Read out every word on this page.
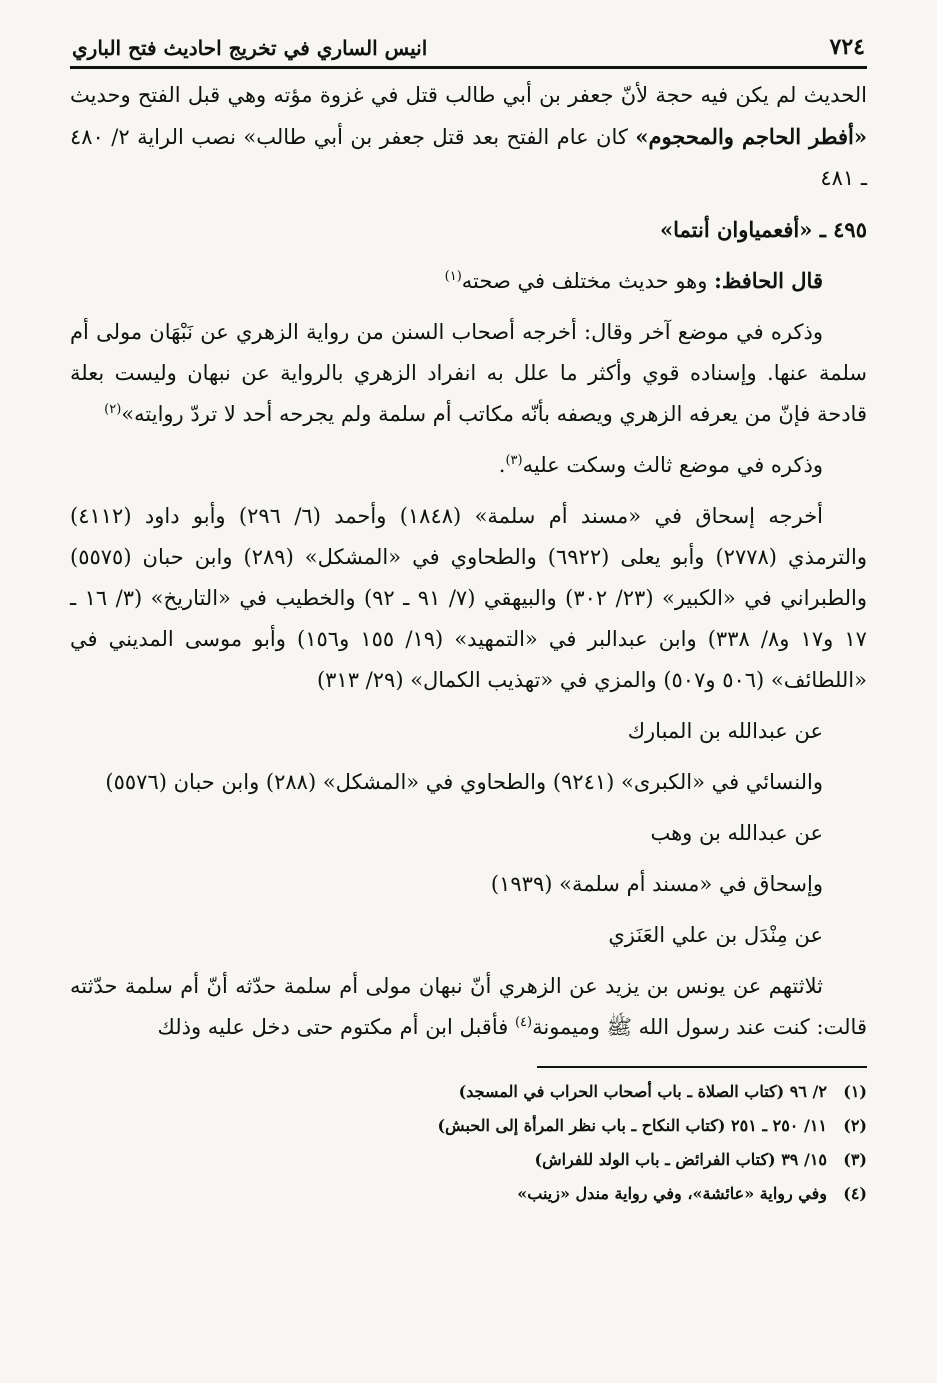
٧٢٤
انيس الساري في تخريج احاديث فتح الباري

الحديث لم يكن فيه حجة لأنّ جعفر بن أبي طالب قتل في غزوة مؤته وهي قبل الفتح وحديث «أفطر الحاجم والمحجوم» كان عام الفتح بعد قتل جعفر بن أبي طالب» نصب الراية ٢/ ٤٨٠ ـ ٤٨١

٤٩٥ ـ «أفعمياوان أنتما»

قال الحافظ: وهو حديث مختلف في صحته$^{(١)}$

وذكره في موضع آخر وقال: أخرجه أصحاب السنن من رواية الزهري عن نَبْهَان مولى أم سلمة عنها. وإسناده قوي وأكثر ما علل به انفراد الزهري بالرواية عن نبهان وليست بعلة قادحة فإنّ من يعرفه الزهري ويصفه بأنّه مكاتب أم سلمة ولم يجرحه أحد لا تردّ روايته»$^{(٢)}$

وذكره في موضع ثالث وسكت عليه$^{(٣)}$.

أخرجه إسحاق في «مسند أم سلمة» (١٨٤٨) وأحمد (٦/ ٢٩٦) وأبو داود (٤١١٢) والترمذي (٢٧٧٨) وأبو يعلى (٦٩٢٢) والطحاوي في «المشكل» (٢٨٩) وابن حبان (٥٥٧٥) والطبراني في «الكبير» (٢٣/ ٣٠٢) والبيهقي (٧/ ٩١ ـ ٩٢) والخطيب في «التاريخ» (٣/ ١٦ ـ ١٧ و١٧ و٨/ ٣٣٨) وابن عبدالبر في «التمهيد» (١٩/ ١٥٥ و١٥٦) وأبو موسى المديني في «اللطائف» (٥٠٦ و٥٠٧) والمزي في «تهذيب الكمال» (٢٩/ ٣١٣)

عن عبدالله بن المبارك

والنسائي في «الكبرى» (٩٢٤١) والطحاوي في «المشكل» (٢٨٨) وابن حبان (٥٥٧٦)

عن عبدالله بن وهب

وإسحاق في «مسند أم سلمة» (١٩٣٩)

عن مِنْدَل بن علي العَنَزي

ثلاثتهم عن يونس بن يزيد عن الزهري أنّ نبهان مولى أم سلمة حدّثه أنّ أم سلمة حدّثته قالت: كنت عند رسول الله ﷺ وميمونة$^{(٤)}$ فأقبل ابن أم مكتوم حتى دخل عليه وذلك

(١)
٢/ ٩٦ (كتاب الصلاة ـ باب أصحاب الحراب في المسجد)
(٢)
١١/ ٢٥٠ ـ ٢٥١ (كتاب النكاح ـ باب نظر المرأة إلى الحبش)
(٣)
١٥/ ٣٩ (كتاب الفرائض ـ باب الولد للفراش)
(٤)
وفي رواية «عائشة»، وفي رواية مندل «زينب»
